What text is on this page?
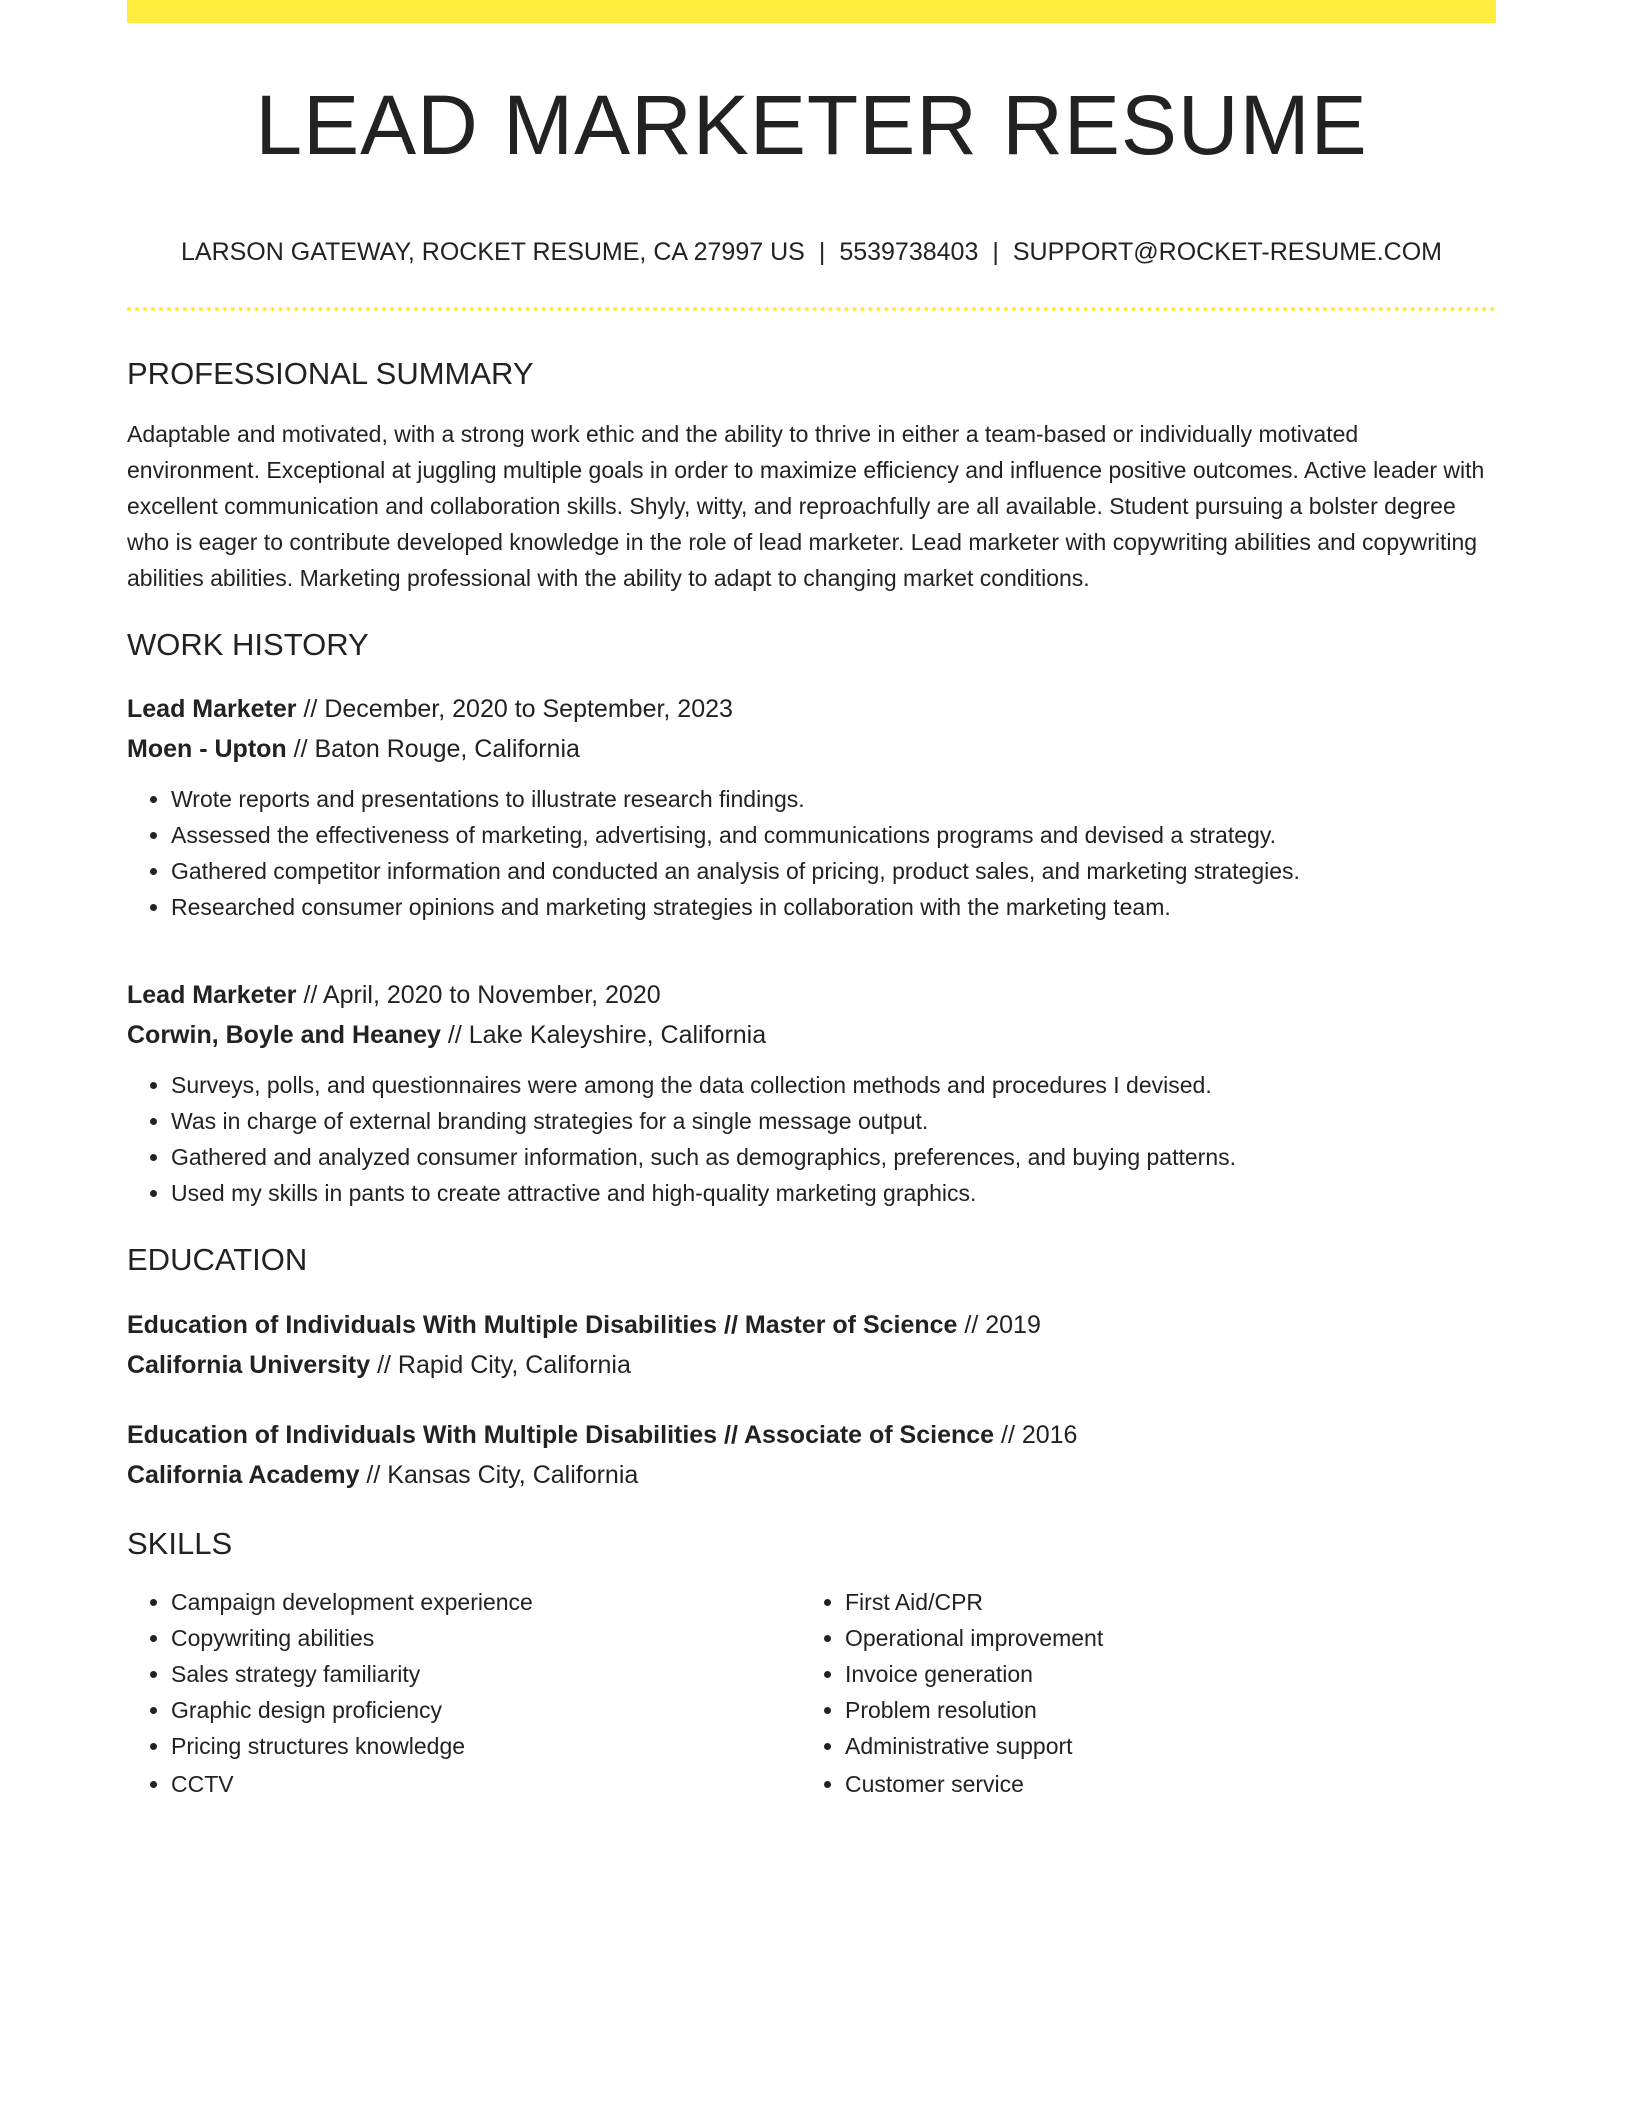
LEAD MARKETER RESUME
LARSON GATEWAY, ROCKET RESUME, CA 27997 US | 5539738403 | SUPPORT@ROCKET-RESUME.COM
PROFESSIONAL SUMMARY

Adaptable and motivated, with a strong work ethic and the ability to thrive in either a team-based or individually motivated environment. Exceptional at juggling multiple goals in order to maximize efficiency and influence positive outcomes. Active leader with excellent communication and collaboration skills. Shyly, witty, and reproachfully are all available. Student pursuing a bolster degree who is eager to contribute developed knowledge in the role of lead marketer. Lead marketer with copywriting abilities and copywriting abilities abilities. Marketing professional with the ability to adapt to changing market conditions.

WORK HISTORY
Lead Marketer // December, 2020 to September, 2023
Moen - Upton // Baton Rouge, California
• Wrote reports and presentations to illustrate research findings.
• Assessed the effectiveness of marketing, advertising, and communications programs and devised a strategy.
• Gathered competitor information and conducted an analysis of pricing, product sales, and marketing strategies.
• Researched consumer opinions and marketing strategies in collaboration with the marketing team.
Lead Marketer // April, 2020 to November, 2020
Corwin, Boyle and Heaney // Lake Kaleyshire, California
• Surveys, polls, and questionnaires were among the data collection methods and procedures I devised.
• Was in charge of external branding strategies for a single message output.
• Gathered and analyzed consumer information, such as demographics, preferences, and buying patterns.
• Used my skills in pants to create attractive and high-quality marketing graphics.
EDUCATION
Education of Individuals With Multiple Disabilities // Master of Science // 2019
California University // Rapid City, California
Education of Individuals With Multiple Disabilities // Associate of Science // 2016
California Academy // Kansas City, California
SKILLS
• Campaign development experience
• Copywriting abilities
• Sales strategy familiarity
• Graphic design proficiency
• Pricing structures knowledge
• CCTV
• First Aid/CPR
• Operational improvement
• Invoice generation
• Problem resolution
• Administrative support
• Customer service
